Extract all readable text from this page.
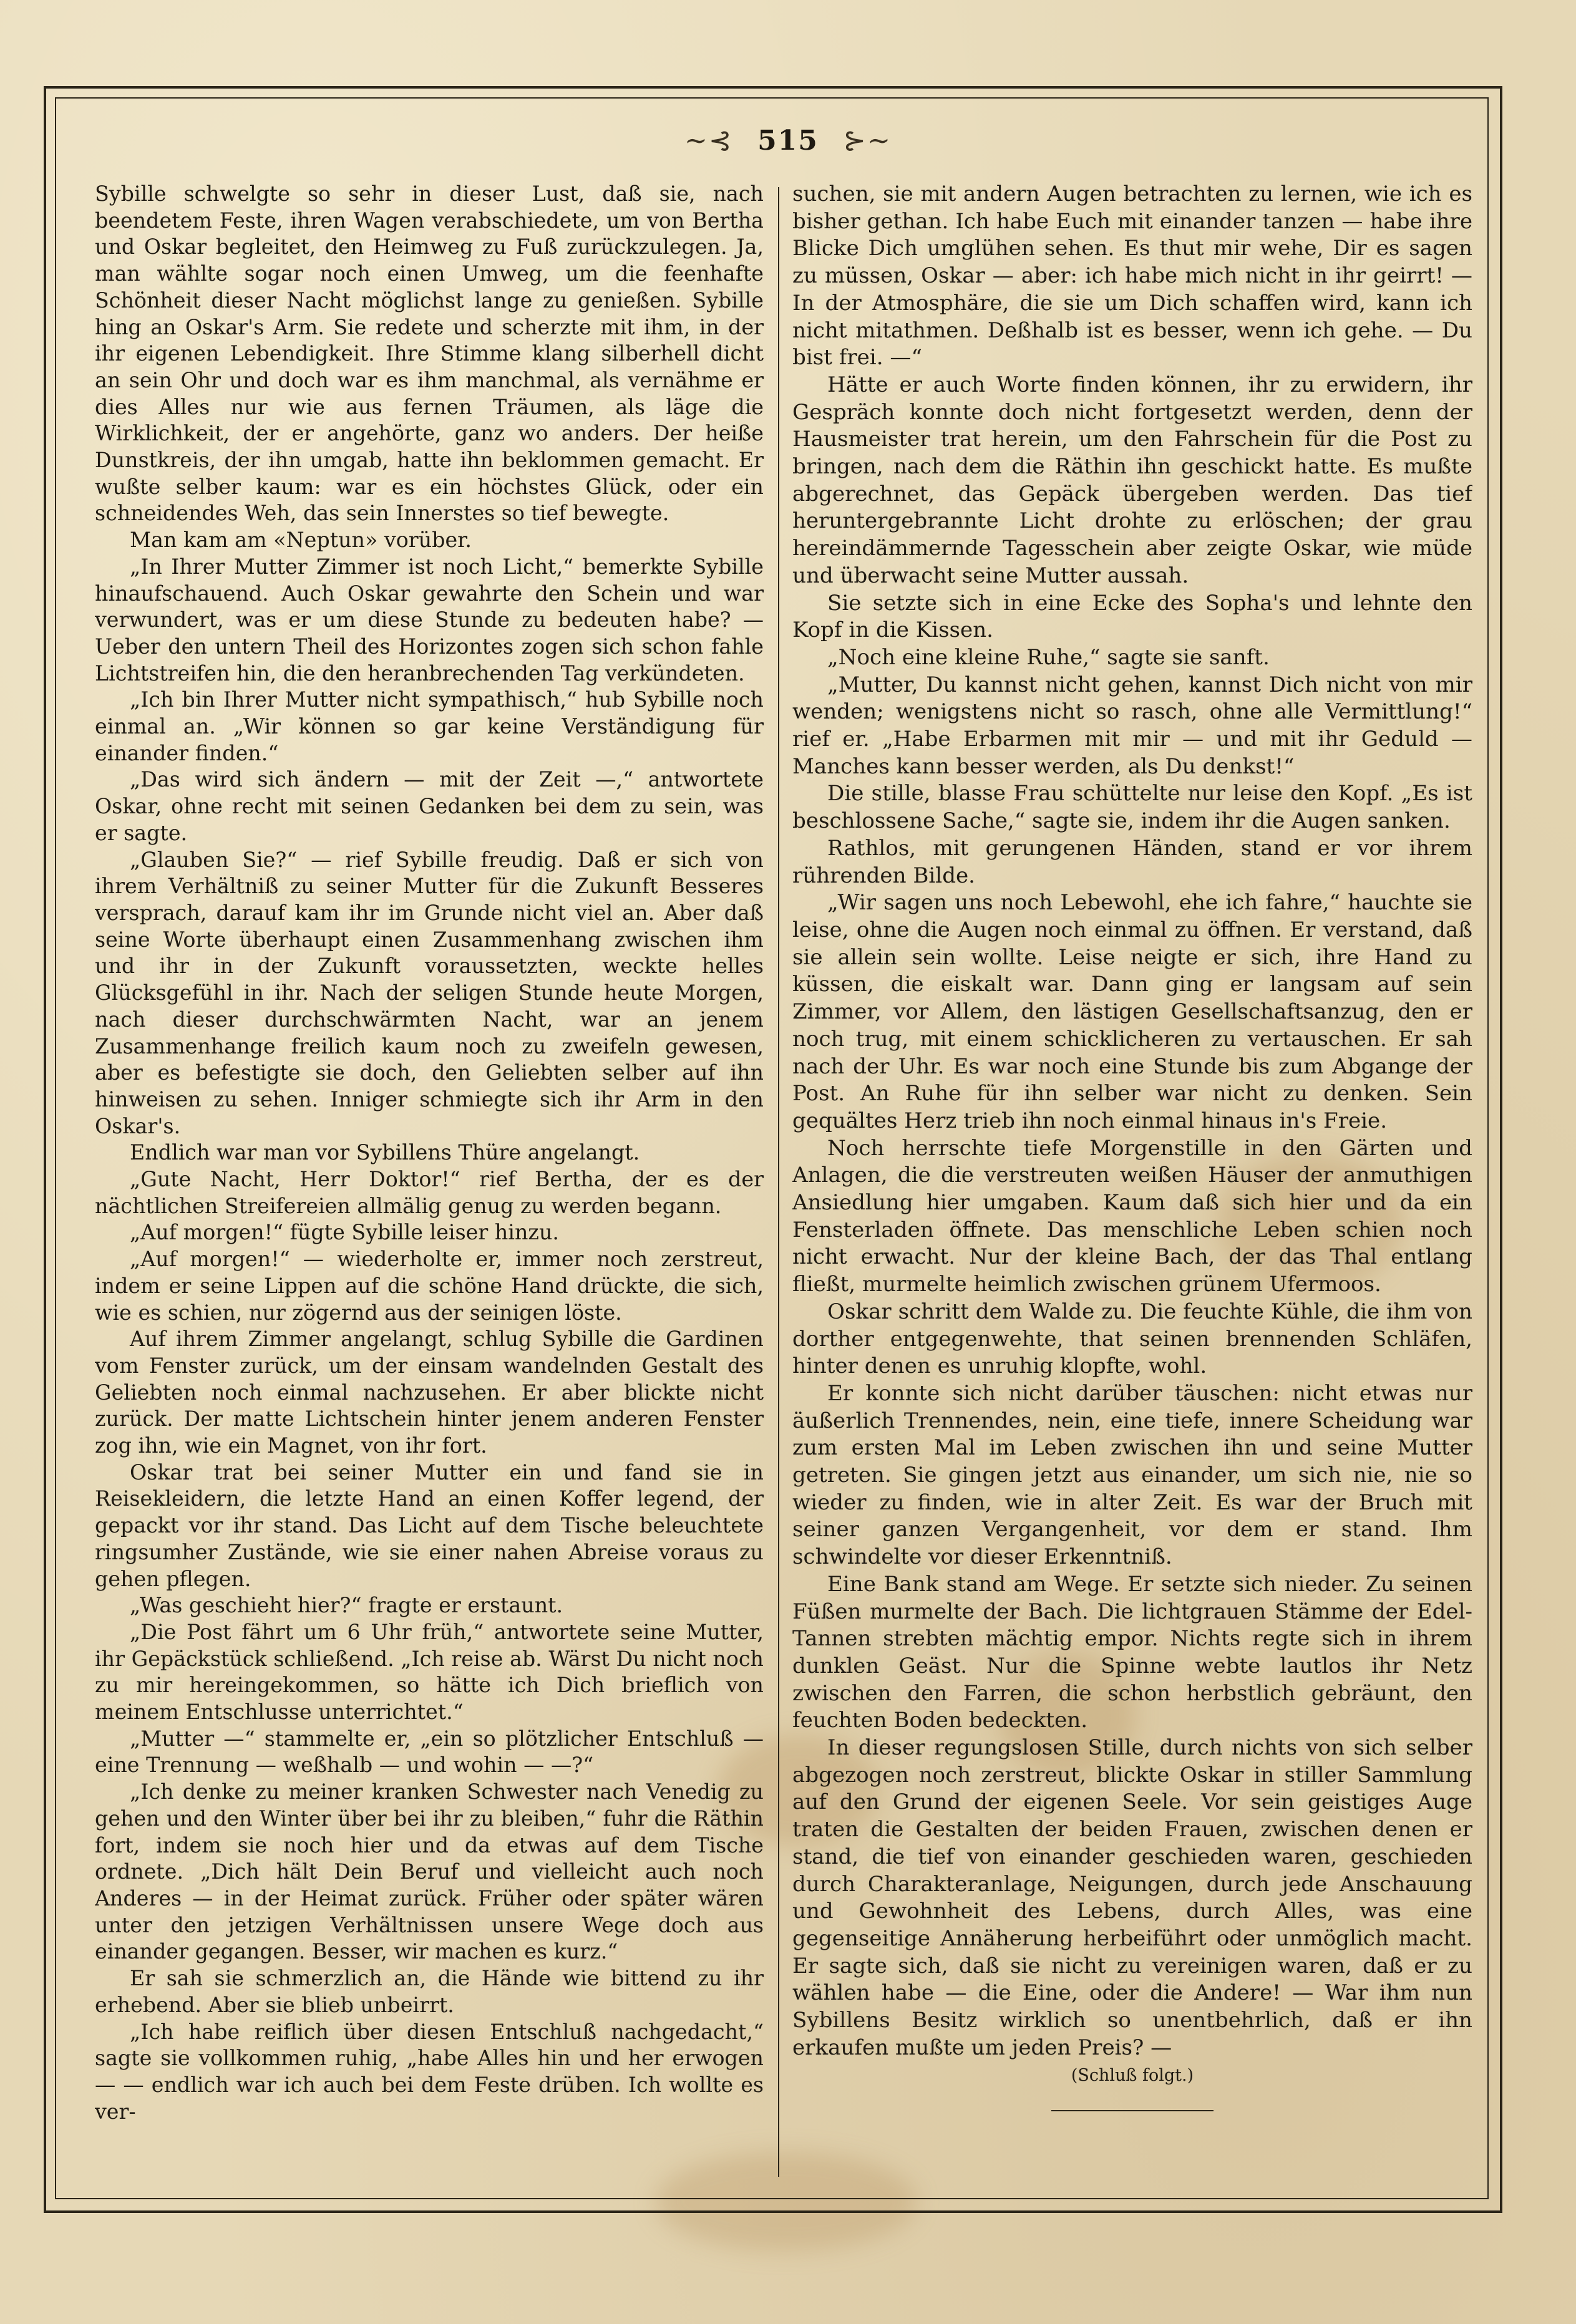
~⊰ 515 ⊱~

Sybille schwelgte so sehr in dieser Lust, daß sie, nach beendetem Feste, ihren Wagen verabschiedete, um von Bertha und Oskar begleitet, den Heimweg zu Fuß zurückzulegen. Ja, man wählte sogar noch einen Umweg, um die feenhafte Schönheit dieser Nacht möglichst lange zu genießen. Sybille hing an Oskar's Arm. Sie redete und scherzte mit ihm, in der ihr eigenen Lebendigkeit. Ihre Stimme klang silberhell dicht an sein Ohr und doch war es ihm manchmal, als vernähme er dies Alles nur wie aus fernen Träumen, als läge die Wirklichkeit, der er angehörte, ganz wo anders. Der heiße Dunstkreis, der ihn umgab, hatte ihn beklommen gemacht. Er wußte selber kaum: war es ein höchstes Glück, oder ein schneidendes Weh, das sein Innerstes so tief bewegte.

Man kam am «Neptun» vorüber.

„In Ihrer Mutter Zimmer ist noch Licht,“ bemerkte Sybille hinaufschauend. Auch Oskar gewahrte den Schein und war verwundert, was er um diese Stunde zu bedeuten habe? — Ueber den untern Theil des Horizontes zogen sich schon fahle Lichtstreifen hin, die den heranbrechenden Tag verkündeten.

„Ich bin Ihrer Mutter nicht sympathisch,“ hub Sybille noch einmal an. „Wir können so gar keine Verständigung für einander finden.“

„Das wird sich ändern — mit der Zeit —,“ antwortete Oskar, ohne recht mit seinen Gedanken bei dem zu sein, was er sagte.

„Glauben Sie?“ — rief Sybille freudig. Daß er sich von ihrem Verhältniß zu seiner Mutter für die Zukunft Besseres versprach, darauf kam ihr im Grunde nicht viel an. Aber daß seine Worte überhaupt einen Zusammenhang zwischen ihm und ihr in der Zukunft voraussetzten, weckte helles Glücksgefühl in ihr. Nach der seligen Stunde heute Morgen, nach dieser durchschwärmten Nacht, war an jenem Zusammenhange freilich kaum noch zu zweifeln gewesen, aber es befestigte sie doch, den Geliebten selber auf ihn hinweisen zu sehen. Inniger schmiegte sich ihr Arm in den Oskar's.

Endlich war man vor Sybillens Thüre angelangt.

„Gute Nacht, Herr Doktor!“ rief Bertha, der es der nächtlichen Streifereien allmälig genug zu werden begann.

„Auf morgen!“ fügte Sybille leiser hinzu.

„Auf morgen!“ — wiederholte er, immer noch zerstreut, indem er seine Lippen auf die schöne Hand drückte, die sich, wie es schien, nur zögernd aus der seinigen löste.

Auf ihrem Zimmer angelangt, schlug Sybille die Gardinen vom Fenster zurück, um der einsam wandelnden Gestalt des Geliebten noch einmal nachzusehen. Er aber blickte nicht zurück. Der matte Lichtschein hinter jenem anderen Fenster zog ihn, wie ein Magnet, von ihr fort.

Oskar trat bei seiner Mutter ein und fand sie in Reisekleidern, die letzte Hand an einen Koffer legend, der gepackt vor ihr stand. Das Licht auf dem Tische beleuchtete ringsumher Zustände, wie sie einer nahen Abreise voraus zu gehen pflegen.

„Was geschieht hier?“ fragte er erstaunt.

„Die Post fährt um 6 Uhr früh,“ antwortete seine Mutter, ihr Gepäckstück schließend. „Ich reise ab. Wärst Du nicht noch zu mir hereingekommen, so hätte ich Dich brieflich von meinem Entschlusse unterrichtet.“

„Mutter —“ stammelte er, „ein so plötzlicher Entschluß — eine Trennung — weßhalb — und wohin — —?“

„Ich denke zu meiner kranken Schwester nach Venedig zu gehen und den Winter über bei ihr zu bleiben,“ fuhr die Räthin fort, indem sie noch hier und da etwas auf dem Tische ordnete. „Dich hält Dein Beruf und vielleicht auch noch Anderes — in der Heimat zurück. Früher oder später wären unter den jetzigen Verhältnissen unsere Wege doch aus einander gegangen. Besser, wir machen es kurz.“

Er sah sie schmerzlich an, die Hände wie bittend zu ihr erhebend. Aber sie blieb unbeirrt.

„Ich habe reiflich über diesen Entschluß nachgedacht,“ sagte sie vollkommen ruhig, „habe Alles hin und her erwogen — — endlich war ich auch bei dem Feste drüben. Ich wollte es ver-

suchen, sie mit andern Augen betrachten zu lernen, wie ich es bisher gethan. Ich habe Euch mit einander tanzen — habe ihre Blicke Dich umglühen sehen. Es thut mir wehe, Dir es sagen zu müssen, Oskar — aber: ich habe mich nicht in ihr geirrt! — In der Atmosphäre, die sie um Dich schaffen wird, kann ich nicht mitathmen. Deßhalb ist es besser, wenn ich gehe. — Du bist frei. —“

Hätte er auch Worte finden können, ihr zu erwidern, ihr Gespräch konnte doch nicht fortgesetzt werden, denn der Hausmeister trat herein, um den Fahrschein für die Post zu bringen, nach dem die Räthin ihn geschickt hatte. Es mußte abgerechnet, das Gepäck übergeben werden. Das tief heruntergebrannte Licht drohte zu erlöschen; der grau hereindämmernde Tagesschein aber zeigte Oskar, wie müde und überwacht seine Mutter aussah.

Sie setzte sich in eine Ecke des Sopha's und lehnte den Kopf in die Kissen.

„Noch eine kleine Ruhe,“ sagte sie sanft.

„Mutter, Du kannst nicht gehen, kannst Dich nicht von mir wenden; wenigstens nicht so rasch, ohne alle Vermittlung!“ rief er. „Habe Erbarmen mit mir — und mit ihr Geduld — Manches kann besser werden, als Du denkst!“

Die stille, blasse Frau schüttelte nur leise den Kopf. „Es ist beschlossene Sache,“ sagte sie, indem ihr die Augen sanken.

Rathlos, mit gerungenen Händen, stand er vor ihrem rührenden Bilde.

„Wir sagen uns noch Lebewohl, ehe ich fahre,“ hauchte sie leise, ohne die Augen noch einmal zu öffnen. Er verstand, daß sie allein sein wollte. Leise neigte er sich, ihre Hand zu küssen, die eiskalt war. Dann ging er langsam auf sein Zimmer, vor Allem, den lästigen Gesellschaftsanzug, den er noch trug, mit einem schicklicheren zu vertauschen. Er sah nach der Uhr. Es war noch eine Stunde bis zum Abgange der Post. An Ruhe für ihn selber war nicht zu denken. Sein gequältes Herz trieb ihn noch einmal hinaus in's Freie.

Noch herrschte tiefe Morgenstille in den Gärten und Anlagen, die die verstreuten weißen Häuser der anmuthigen Ansiedlung hier umgaben. Kaum daß sich hier und da ein Fensterladen öffnete. Das menschliche Leben schien noch nicht erwacht. Nur der kleine Bach, der das Thal entlang fließt, murmelte heimlich zwischen grünem Ufermoos.

Oskar schritt dem Walde zu. Die feuchte Kühle, die ihm von dorther entgegenwehte, that seinen brennenden Schläfen, hinter denen es unruhig klopfte, wohl.

Er konnte sich nicht darüber täuschen: nicht etwas nur äußerlich Trennendes, nein, eine tiefe, innere Scheidung war zum ersten Mal im Leben zwischen ihn und seine Mutter getreten. Sie gingen jetzt aus einander, um sich nie, nie so wieder zu finden, wie in alter Zeit. Es war der Bruch mit seiner ganzen Vergangenheit, vor dem er stand. Ihm schwindelte vor dieser Erkenntniß.

Eine Bank stand am Wege. Er setzte sich nieder. Zu seinen Füßen murmelte der Bach. Die lichtgrauen Stämme der Edel-Tannen strebten mächtig empor. Nichts regte sich in ihrem dunklen Geäst. Nur die Spinne webte lautlos ihr Netz zwischen den Farren, die schon herbstlich gebräunt, den feuchten Boden bedeckten.

In dieser regungslosen Stille, durch nichts von sich selber abgezogen noch zerstreut, blickte Oskar in stiller Sammlung auf den Grund der eigenen Seele. Vor sein geistiges Auge traten die Gestalten der beiden Frauen, zwischen denen er stand, die tief von einander geschieden waren, geschieden durch Charakteranlage, Neigungen, durch jede Anschauung und Gewohnheit des Lebens, durch Alles, was eine gegenseitige Annäherung herbeiführt oder unmöglich macht. Er sagte sich, daß sie nicht zu vereinigen waren, daß er zu wählen habe — die Eine, oder die Andere! — War ihm nun Sybillens Besitz wirklich so unentbehrlich, daß er ihn erkaufen mußte um jeden Preis? —

(Schluß folgt.)
